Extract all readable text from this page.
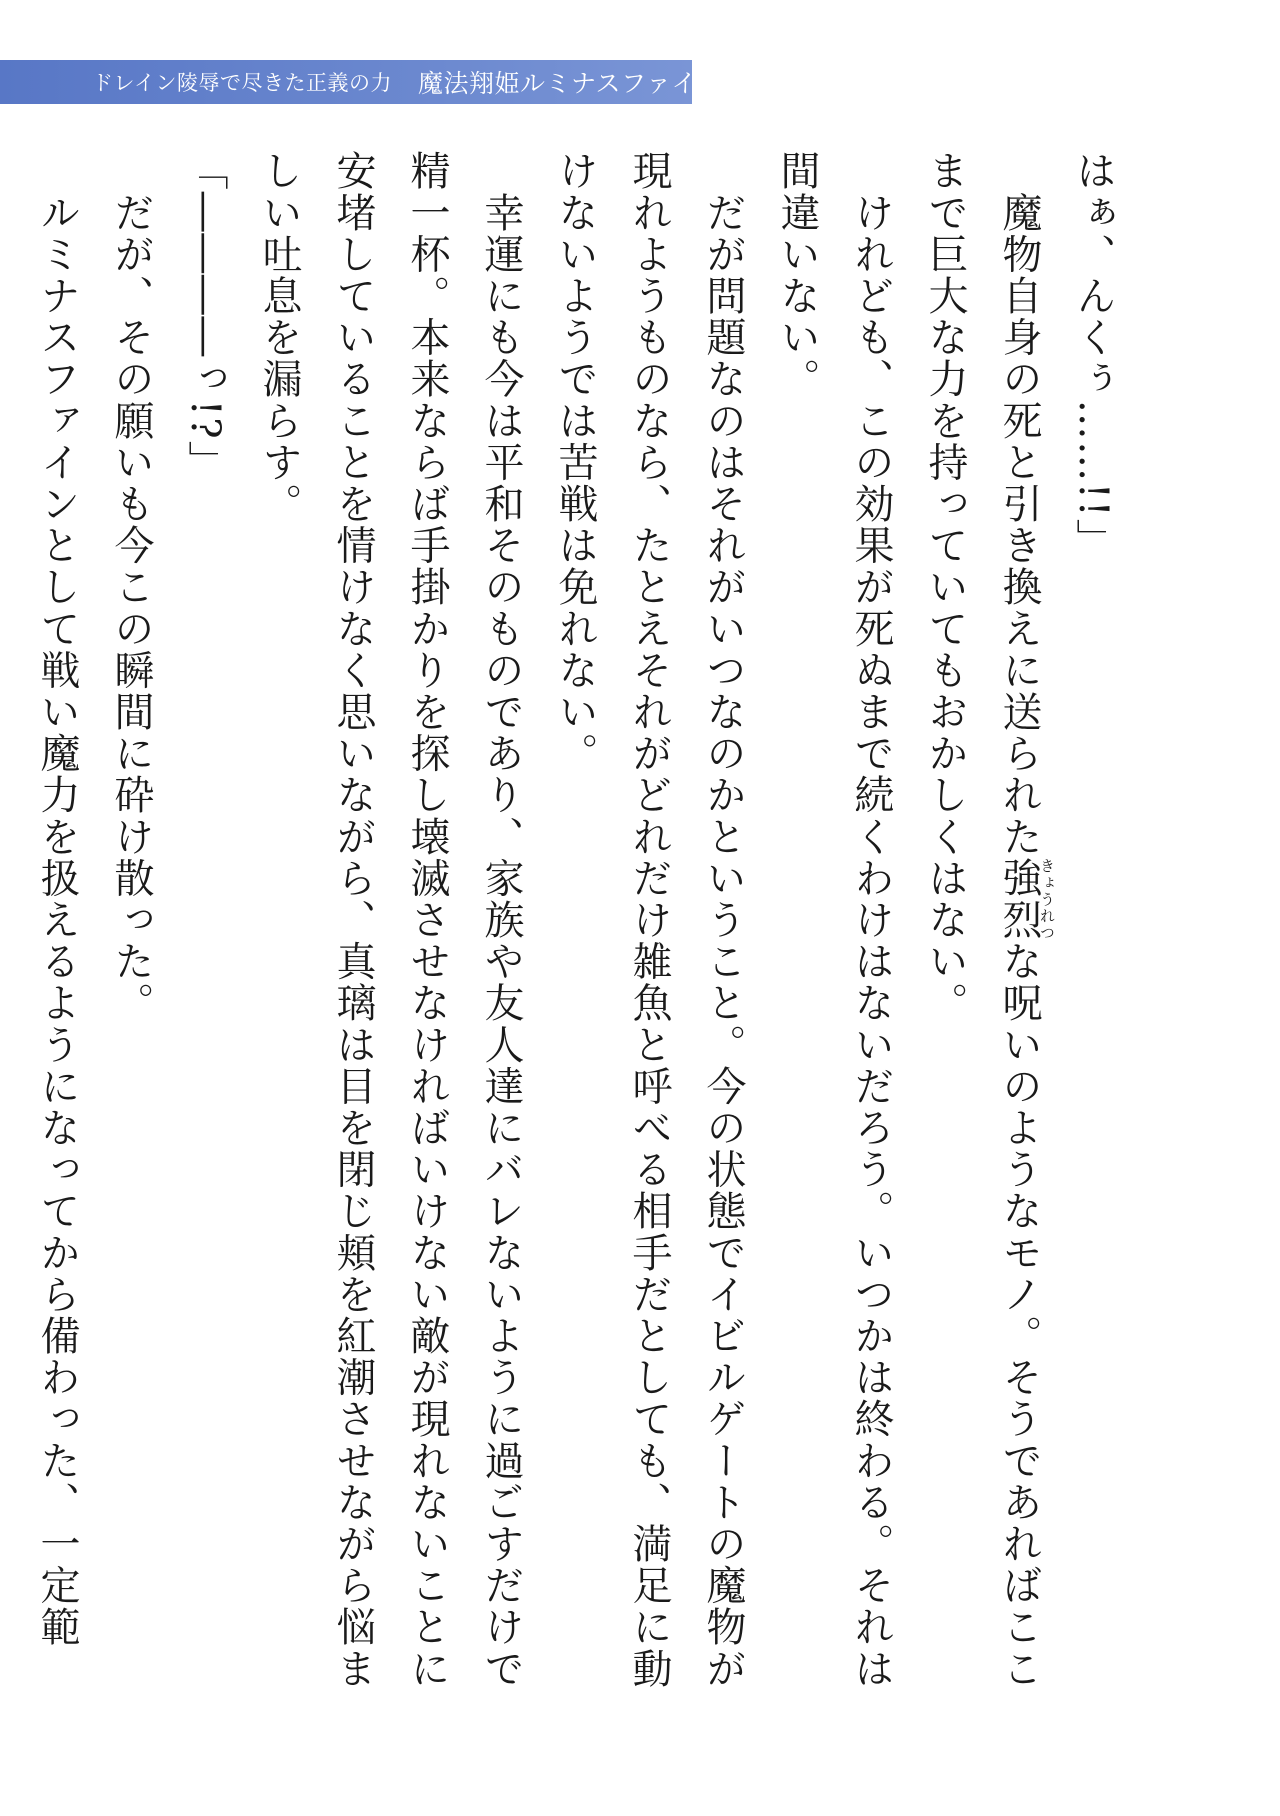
ドレイン陵辱で尽きた正義の力 魔法翔姫ルミナスファイン

はぁ、んくぅ……!!」

　魔物自身の死と引き換えに送られた強烈きょうれつな呪いのようなモノ。そうであればここまで巨大な力を持っていてもおかしくはない。

　けれども、この効果が死ぬまで続くわけはないだろう。いつかは終わる。それは間違いない。

　だが問題なのはそれがいつなのかということ。今の状態でイビルゲートの魔物が現れようものなら、たとえそれがどれだけ雑魚と呼べる相手だとしても、満足に動けないようでは苦戦は免れない。

　幸運にも今は平和そのものであり、家族や友人達にバレないように過ごすだけで精一杯。本来ならば手掛かりを探し壊滅させなければいけない敵が現れないことに安堵していることを情けなく思いながら、真璃は目を閉じ頬を紅潮させながら悩ましい吐息を漏らす。

「――――っ!?」

　だが、その願いも今この瞬間に砕け散った。

　ルミナスファインとして戦い魔力を扱えるようになってから備わった、一定範
